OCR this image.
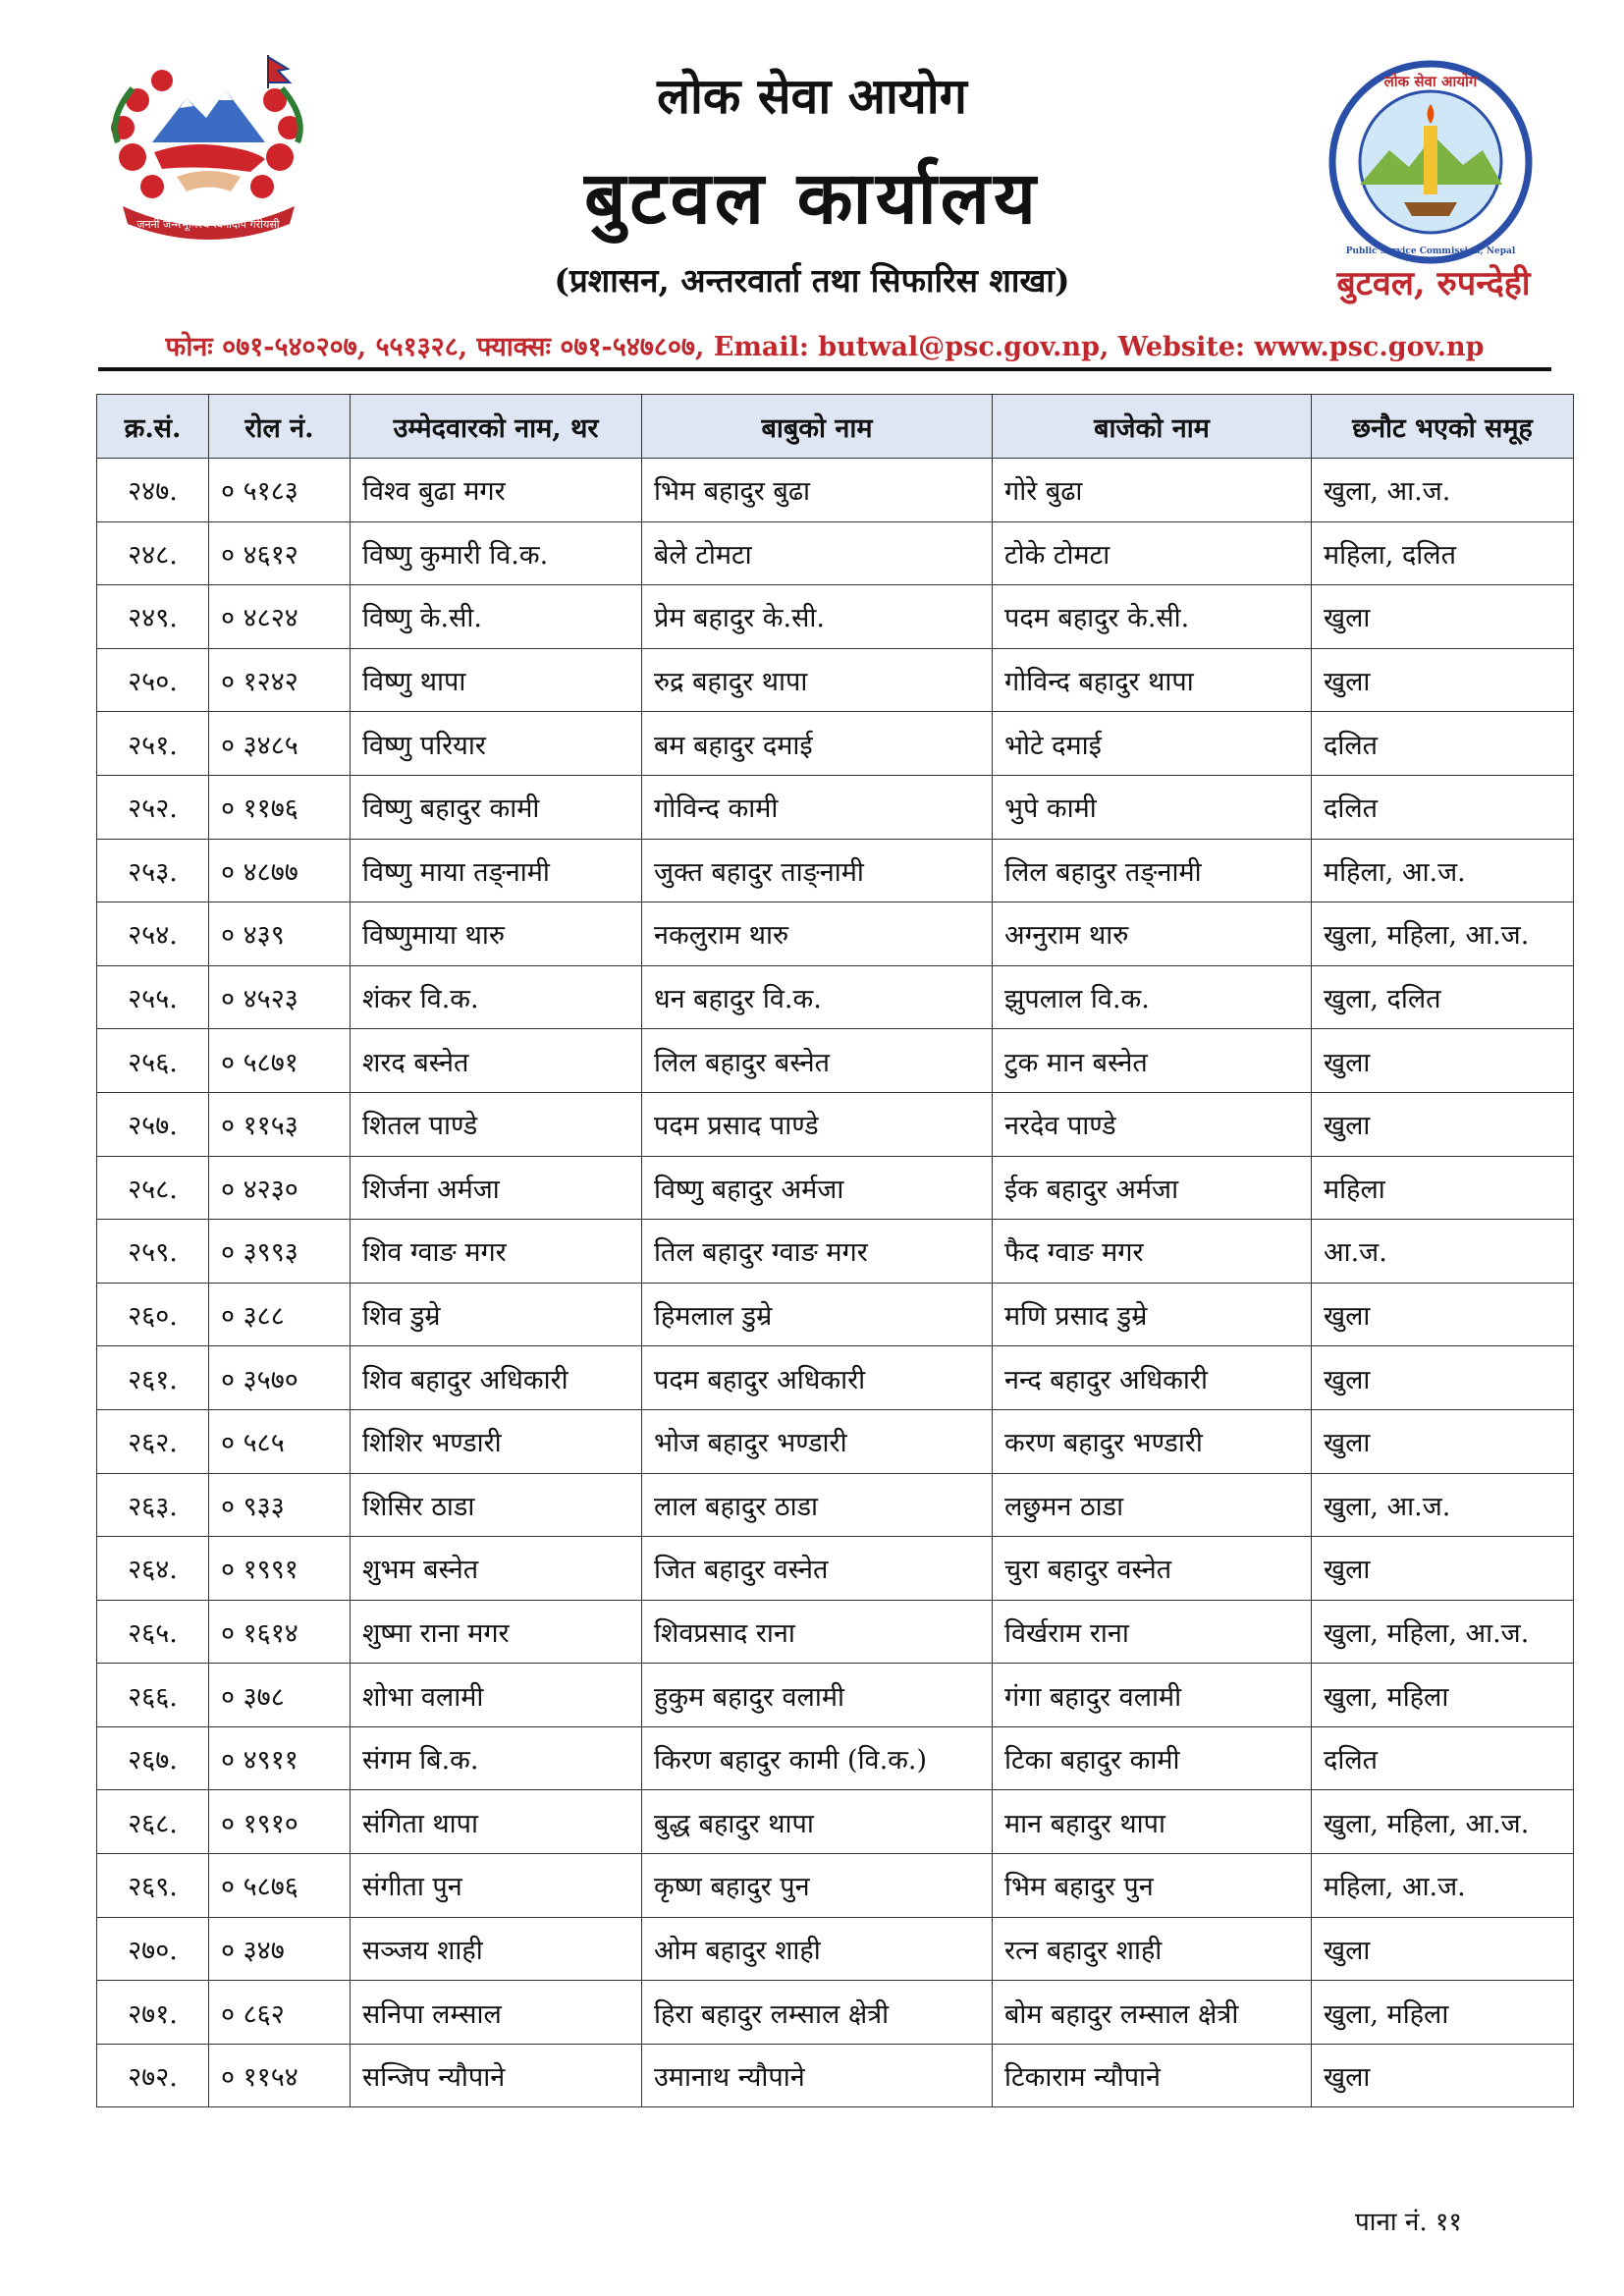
जननी जन्मभूमिश्च स्वर्गादपि गरीयसी
लोक सेवा आयोग
Public Service Commission, Nepal
लोक सेवा आयोग
बुटवल कार्यालय
(प्रशासन, अन्तरवार्ता तथा सिफारिस शाखा)	बुटवल, रुपन्देही
फोनः ०७१-५४०२०७, ५५१३२८, फ्याक्सः ०७१-५४७८०७, Email: butwal@psc.gov.np, Website: www.psc.gov.np
क्र.सं.	रोल नं.	उम्मेदवारको नाम, थर	बाबुको नाम	बाजेको नाम	छनौट भएको समूह
२४७.	० ५१८३	विश्व बुढा मगर	भिम बहादुर बुढा	गोरे बुढा	खुला, आ.ज.
२४८.	० ४६१२	विष्णु कुमारी वि.क.	बेले टोमटा	टोके टोमटा	महिला, दलित
२४९.	० ४८२४	विष्णु के.सी.	प्रेम बहादुर के.सी.	पदम बहादुर के.सी.	खुला
२५०.	० १२४२	विष्णु थापा	रुद्र बहादुर थापा	गोविन्द बहादुर थापा	खुला
२५१.	० ३४८५	विष्णु परियार	बम बहादुर दमाई	भोटे दमाई	दलित
२५२.	० ११७६	विष्णु बहादुर कामी	गोविन्द कामी	भुपे कामी	दलित
२५३.	० ४८७७	विष्णु माया तङ्नामी	जुक्त बहादुर ताङ्नामी	लिल बहादुर तङ्नामी	महिला, आ.ज.
२५४.	० ४३९	विष्णुमाया थारु	नकलुराम थारु	अग्नुराम थारु	खुला, महिला, आ.ज.
२५५.	० ४५२३	शंकर वि.क.	धन बहादुर वि.क.	झुपलाल वि.क.	खुला, दलित
२५६.	० ५८७१	शरद बस्नेत	लिल बहादुर बस्नेत	टुक मान बस्नेत	खुला
२५७.	० ११५३	शितल पाण्डे	पदम प्रसाद पाण्डे	नरदेव पाण्डे	खुला
२५८.	० ४२३०	शिर्जना अर्मजा	विष्णु बहादुर अर्मजा	ईक बहादुर अर्मजा	महिला
२५९.	० ३९९३	शिव ग्वाङ मगर	तिल बहादुर ग्वाङ मगर	फैद ग्वाङ मगर	आ.ज.
२६०.	० ३८८	शिव डुम्रे	हिमलाल डुम्रे	मणि प्रसाद डुम्रे	खुला
२६१.	० ३५७०	शिव बहादुर अधिकारी	पदम बहादुर अधिकारी	नन्द बहादुर अधिकारी	खुला
२६२.	० ५८५	शिशिर भण्डारी	भोज बहादुर भण्डारी	करण बहादुर भण्डारी	खुला
२६३.	० ९३३	शिसिर ठाडा	लाल बहादुर ठाडा	लछुमन ठाडा	खुला, आ.ज.
२६४.	० १९९१	शुभम बस्नेत	जित बहादुर वस्नेत	चुरा बहादुर वस्नेत	खुला
२६५.	० १६१४	शुष्मा राना मगर	शिवप्रसाद राना	विर्खराम राना	खुला, महिला, आ.ज.
२६६.	० ३७८	शोभा वलामी	हुकुम बहादुर वलामी	गंगा बहादुर वलामी	खुला, महिला
२६७.	० ४९११	संगम बि.क.	किरण बहादुर कामी (वि.क.)	टिका बहादुर कामी	दलित
२६८.	० १९१०	संगिता थापा	बुद्ध बहादुर थापा	मान बहादुर थापा	खुला, महिला, आ.ज.
२६९.	० ५८७६	संगीता पुन	कृष्ण बहादुर पुन	भिम बहादुर पुन	महिला, आ.ज.
२७०.	० ३४७	सञ्जय शाही	ओम बहादुर शाही	रत्न बहादुर शाही	खुला
२७१.	० ८६२	सनिपा लम्साल	हिरा बहादुर लम्साल क्षेत्री	बोम बहादुर लम्साल क्षेत्री	खुला, महिला
२७२.	० ११५४	सन्जिप न्यौपाने	उमानाथ न्यौपाने	टिकाराम न्यौपाने	खुला
पाना नं. ११
